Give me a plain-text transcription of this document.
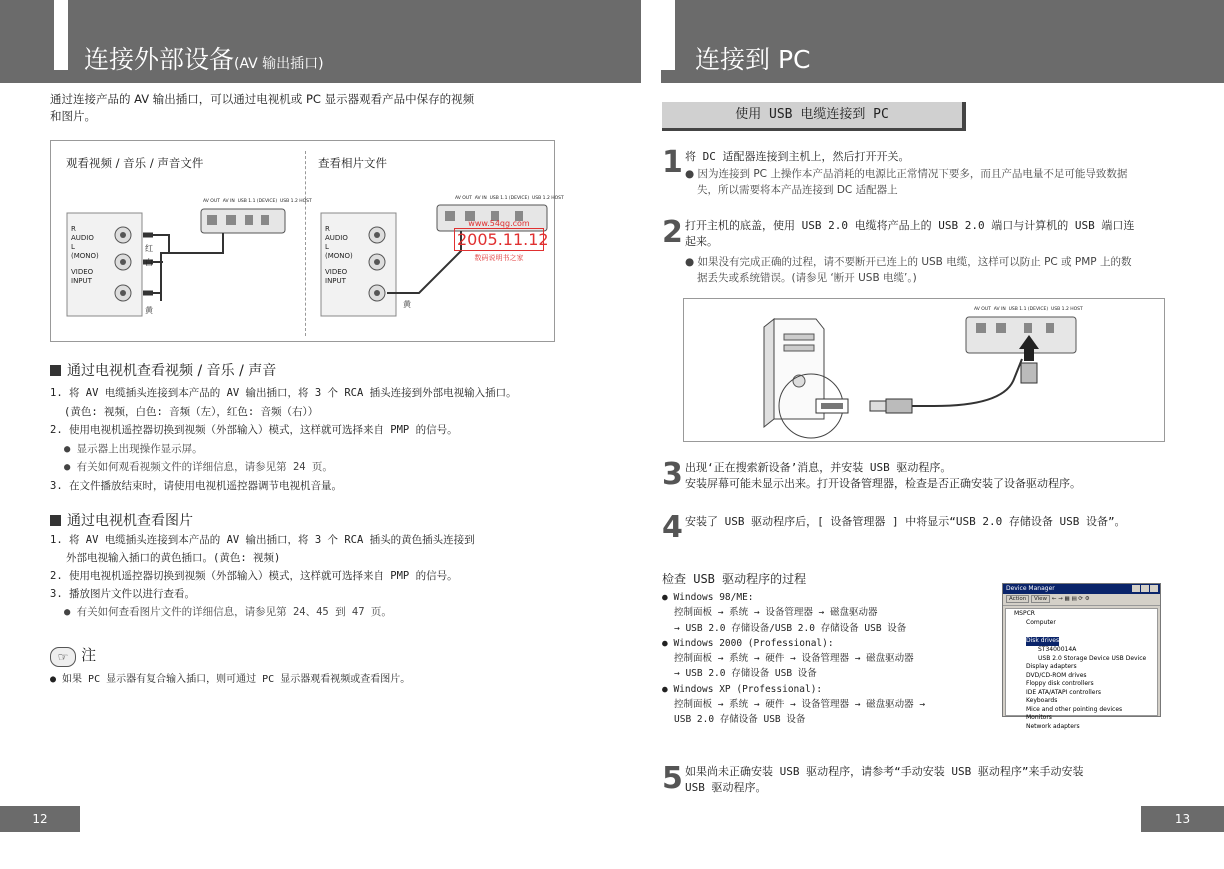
连接外部设备(AV 输出插口)
通过连接产品的 AV 输出插口，可以通过电视机或 PC 显示器观看产品中保存的视频
和图片。
观看视频 / 音乐 / 声音文件	查看相片文件
R
AUDIO
L
(MONO)
VIDEO
INPUT
R
AUDIO
L
(MONO)
VIDEO
INPUT
AV OUT AV IN USB 1.1 (DEVICE) USB 1.2 HOST
AV OUT AV IN USB 1.1 (DEVICE) USB 1.2 HOST
红
白
黄
黄
www.54qg.com
2005.11.12
数码说明书之家
通过电视机查看视频 / 音乐 / 声音
1. 将 AV 电缆插头连接到本产品的 AV 输出插口，将 3 个 RCA 插头连接到外部电视输入插口。
(黄色: 视频，白色: 音频（左），红色: 音频（右））
2. 使用电视机遥控器切换到视频（外部输入）模式，这样就可选择来自 PMP 的信号。
● 显示器上出现操作显示屏。
● 有关如何观看视频文件的详细信息，请参见第 24 页。
3. 在文件播放结束时，请使用电视机遥控器调节电视机音量。
通过电视机查看图片
1. 将 AV 电缆插头连接到本产品的 AV 输出插口，将 3 个 RCA 插头的黄色插头连接到
外部电视输入插口的黄色插口。(黄色: 视频)
2. 使用电视机遥控器切换到视频（外部输入）模式，这样就可选择来自 PMP 的信号。
3. 播放图片文件以进行查看。
● 有关如何查看图片文件的详细信息，请参见第 24、45 到 47 页。
☞ 注
● 如果 PC 显示器有复合输入插口，则可通过 PC 显示器观看视频或查看图片。
12
连接到 PC
使用 USB 电缆连接到 PC
1 将 DC 适配器连接到主机上，然后打开开关。
● 因为连接到 PC 上操作本产品消耗的电源比正常情况下要多，而且产品电量不足可能导致数据
失，所以需要将本产品连接到 DC 适配器上
2 打开主机的底盖，使用 USB 2.0 电缆将产品上的 USB 2.0 端口与计算机的 USB 端口连
起来。
● 如果没有完成正确的过程，请不要断开已连上的 USB 电缆，这样可以防止 PC 或 PMP 上的数
据丢失或系统错误。(请参见 ‘断开 USB 电缆’。)
AV OUT AV IN USB 1.1 (DEVICE) USB 1.2 HOST
3 出现‘正在搜索新设备’消息，并安装 USB 驱动程序。
安装屏幕可能未显示出来。打开设备管理器，检查是否正确安装了设备驱动程序。
4 安装了 USB 驱动程序后，[ 设备管理器 ] 中将显示“USB 2.0 存储设备 USB 设备”。
检查 USB 驱动程序的过程
● Windows 98/ME:
控制面板 → 系统 → 设备管理器 → 磁盘驱动器
→ USB 2.0 存储设备/USB 2.0 存储设备 USB 设备
● Windows 2000 (Professional):
控制面板 → 系统 → 硬件 → 设备管理器 → 磁盘驱动器
→ USB 2.0 存储设备 USB 设备
● Windows XP (Professional):
控制面板 → 系统 → 硬件 → 设备管理器 → 磁盘驱动器 →
USB 2.0 存储设备 USB 设备
Device Manager
Action View ← → ▦ ▤ ⟳ ⚙
MSPCR
Computer
Disk drives
ST3400014A
USB 2.0 Storage Device USB Device
Display adapters
DVD/CD-ROM drives
Floppy disk controllers
IDE ATA/ATAPI controllers
Keyboards
Mice and other pointing devices
Monitors
Network adapters
5 如果尚未正确安装 USB 驱动程序，请参考“手动安装 USB 驱动程序”来手动安装
USB 驱动程序。
13
